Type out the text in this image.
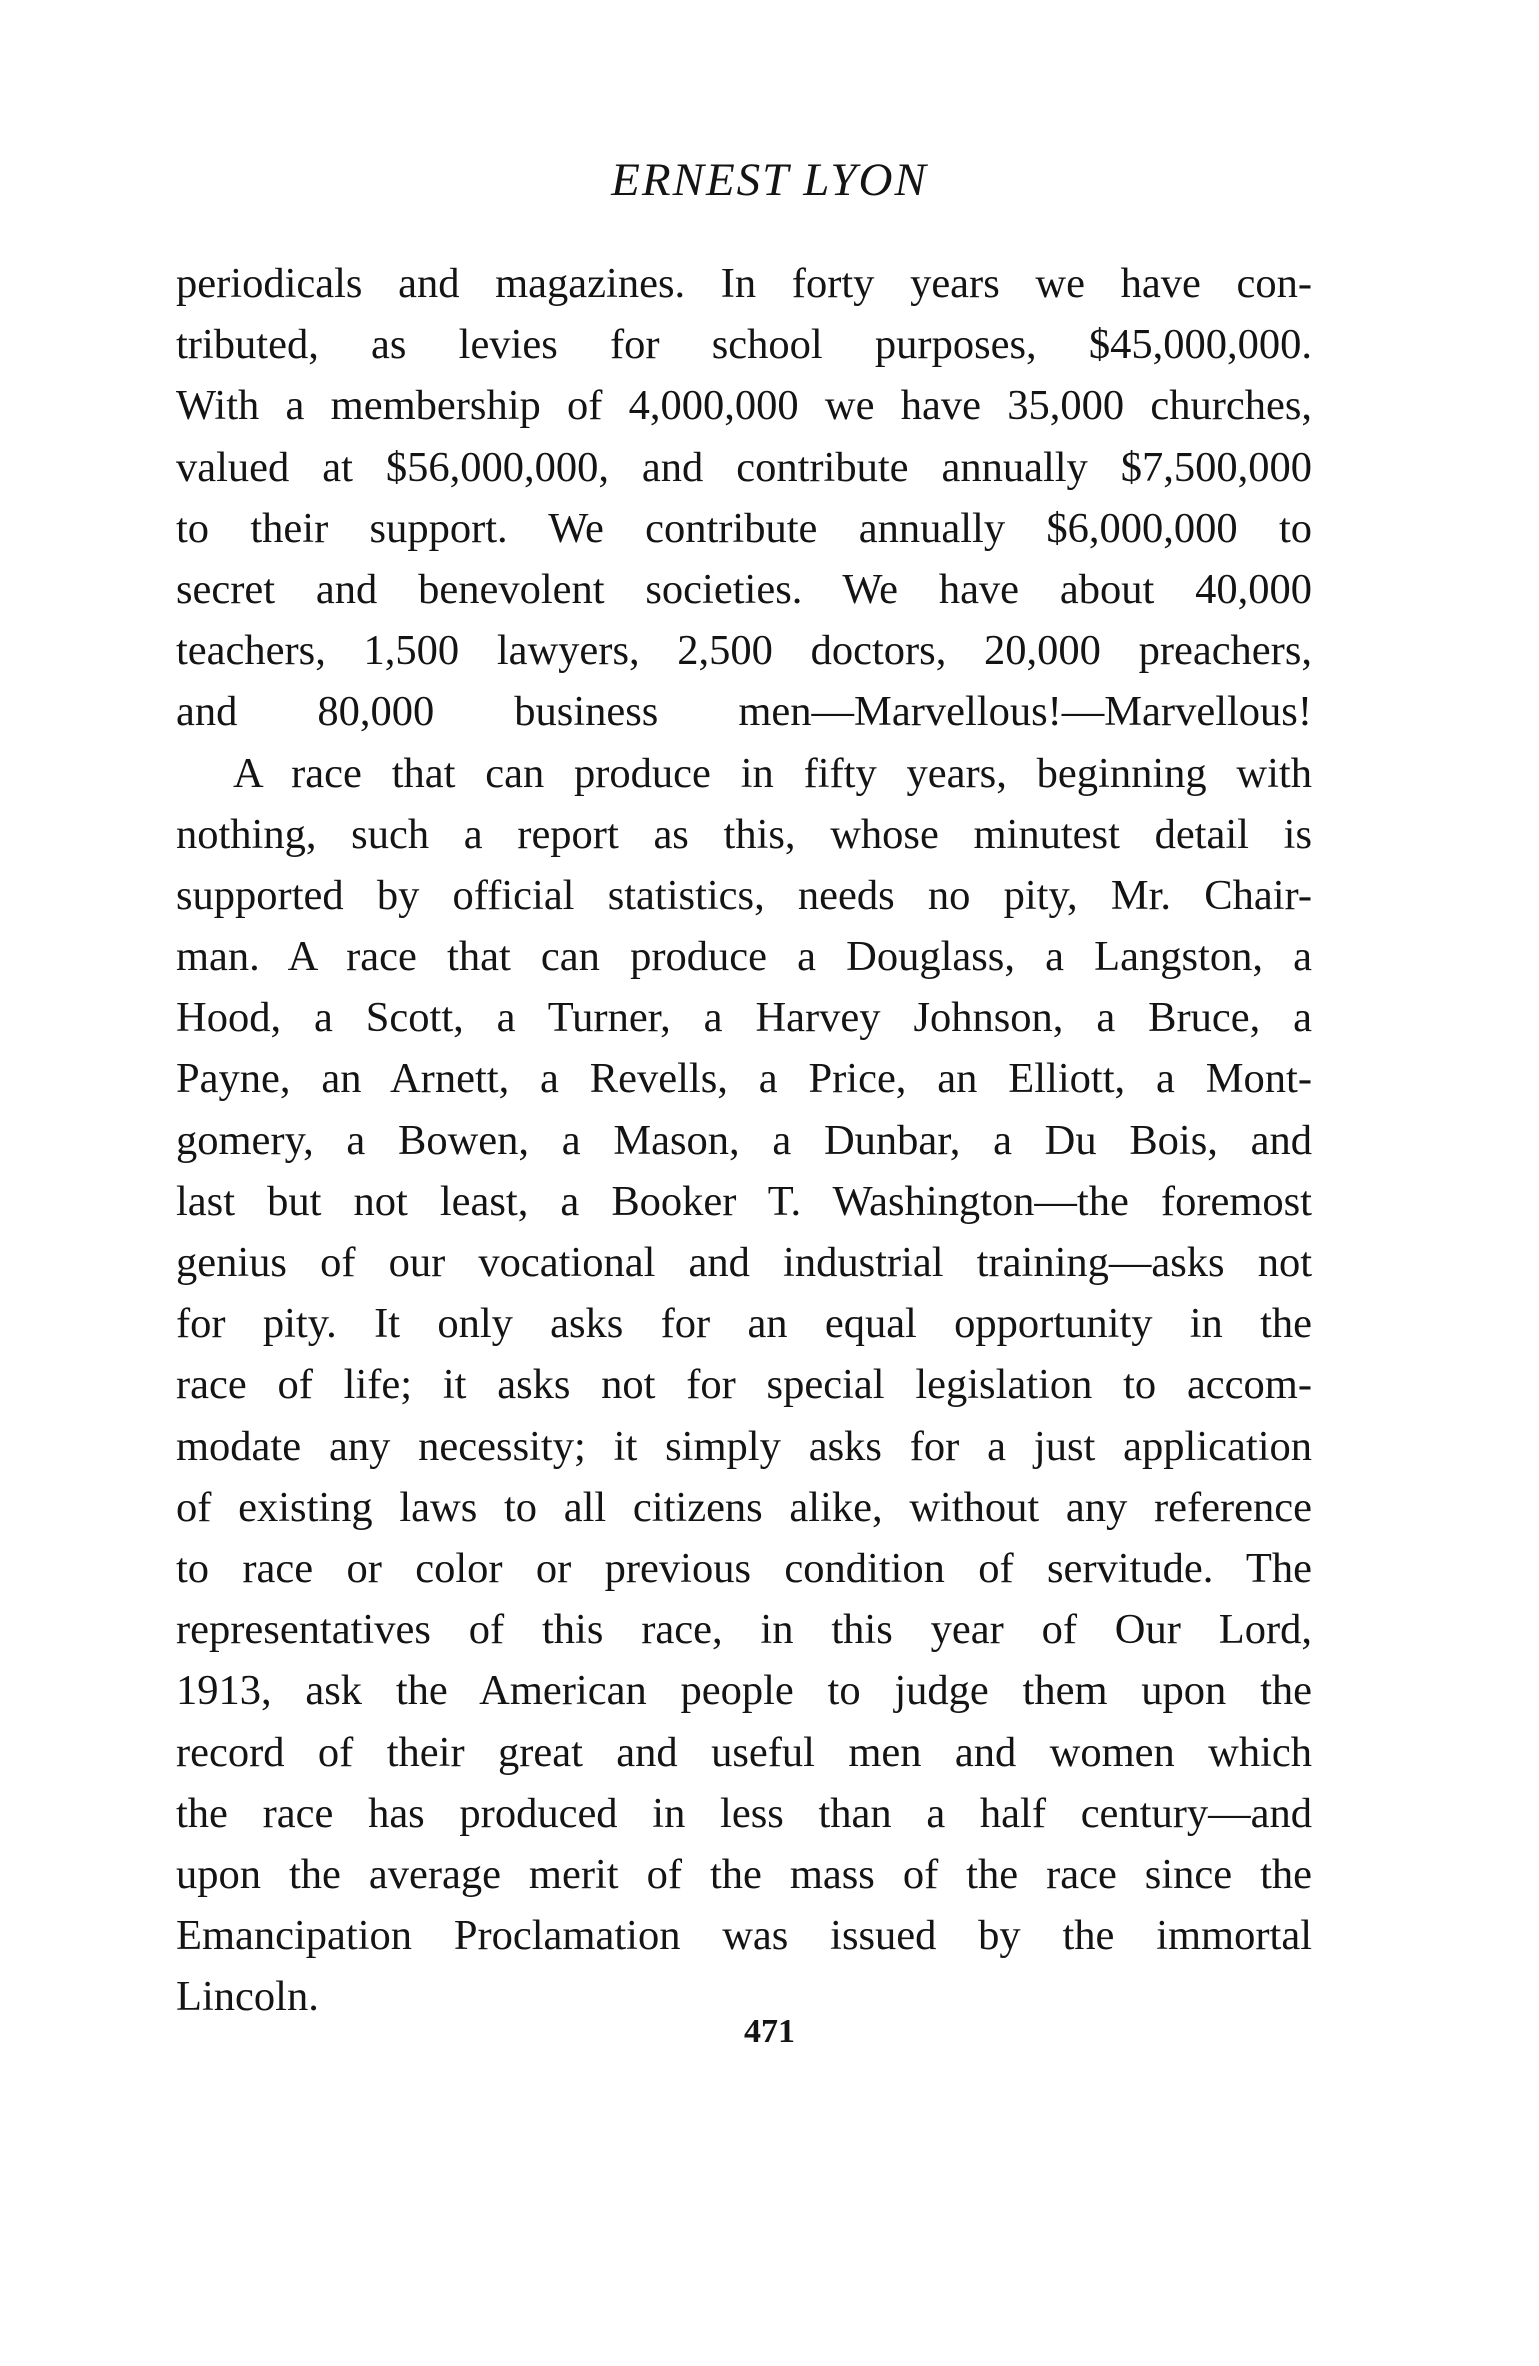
ERNEST LYON
periodicals and magazines. In forty years we have con-
tributed, as levies for school purposes, $45,000,000.
With a membership of 4,000,000 we have 35,000 churches,
valued at $56,000,000, and contribute annually $7,500,000
to their support. We contribute annually $6,000,000 to
secret and benevolent societies. We have about 40,000
teachers, 1,500 lawyers, 2,500 doctors, 20,000 preachers,
and 80,000 business men—Marvellous!—Marvellous!
A race that can produce in fifty years, beginning with
nothing, such a report as this, whose minutest detail is
supported by official statistics, needs no pity, Mr. Chair-
man. A race that can produce a Douglass, a Langston, a
Hood, a Scott, a Turner, a Harvey Johnson, a Bruce, a
Payne, an Arnett, a Revells, a Price, an Elliott, a Mont-
gomery, a Bowen, a Mason, a Dunbar, a Du Bois, and
last but not least, a Booker T. Washington—the foremost
genius of our vocational and industrial training—asks not
for pity. It only asks for an equal opportunity in the
race of life; it asks not for special legislation to accom-
modate any necessity; it simply asks for a just application
of existing laws to all citizens alike, without any reference
to race or color or previous condition of servitude. The
representatives of this race, in this year of Our Lord,
1913, ask the American people to judge them upon the
record of their great and useful men and women which
the race has produced in less than a half century—and
upon the average merit of the mass of the race since the
Emancipation Proclamation was issued by the immortal
Lincoln.
471
